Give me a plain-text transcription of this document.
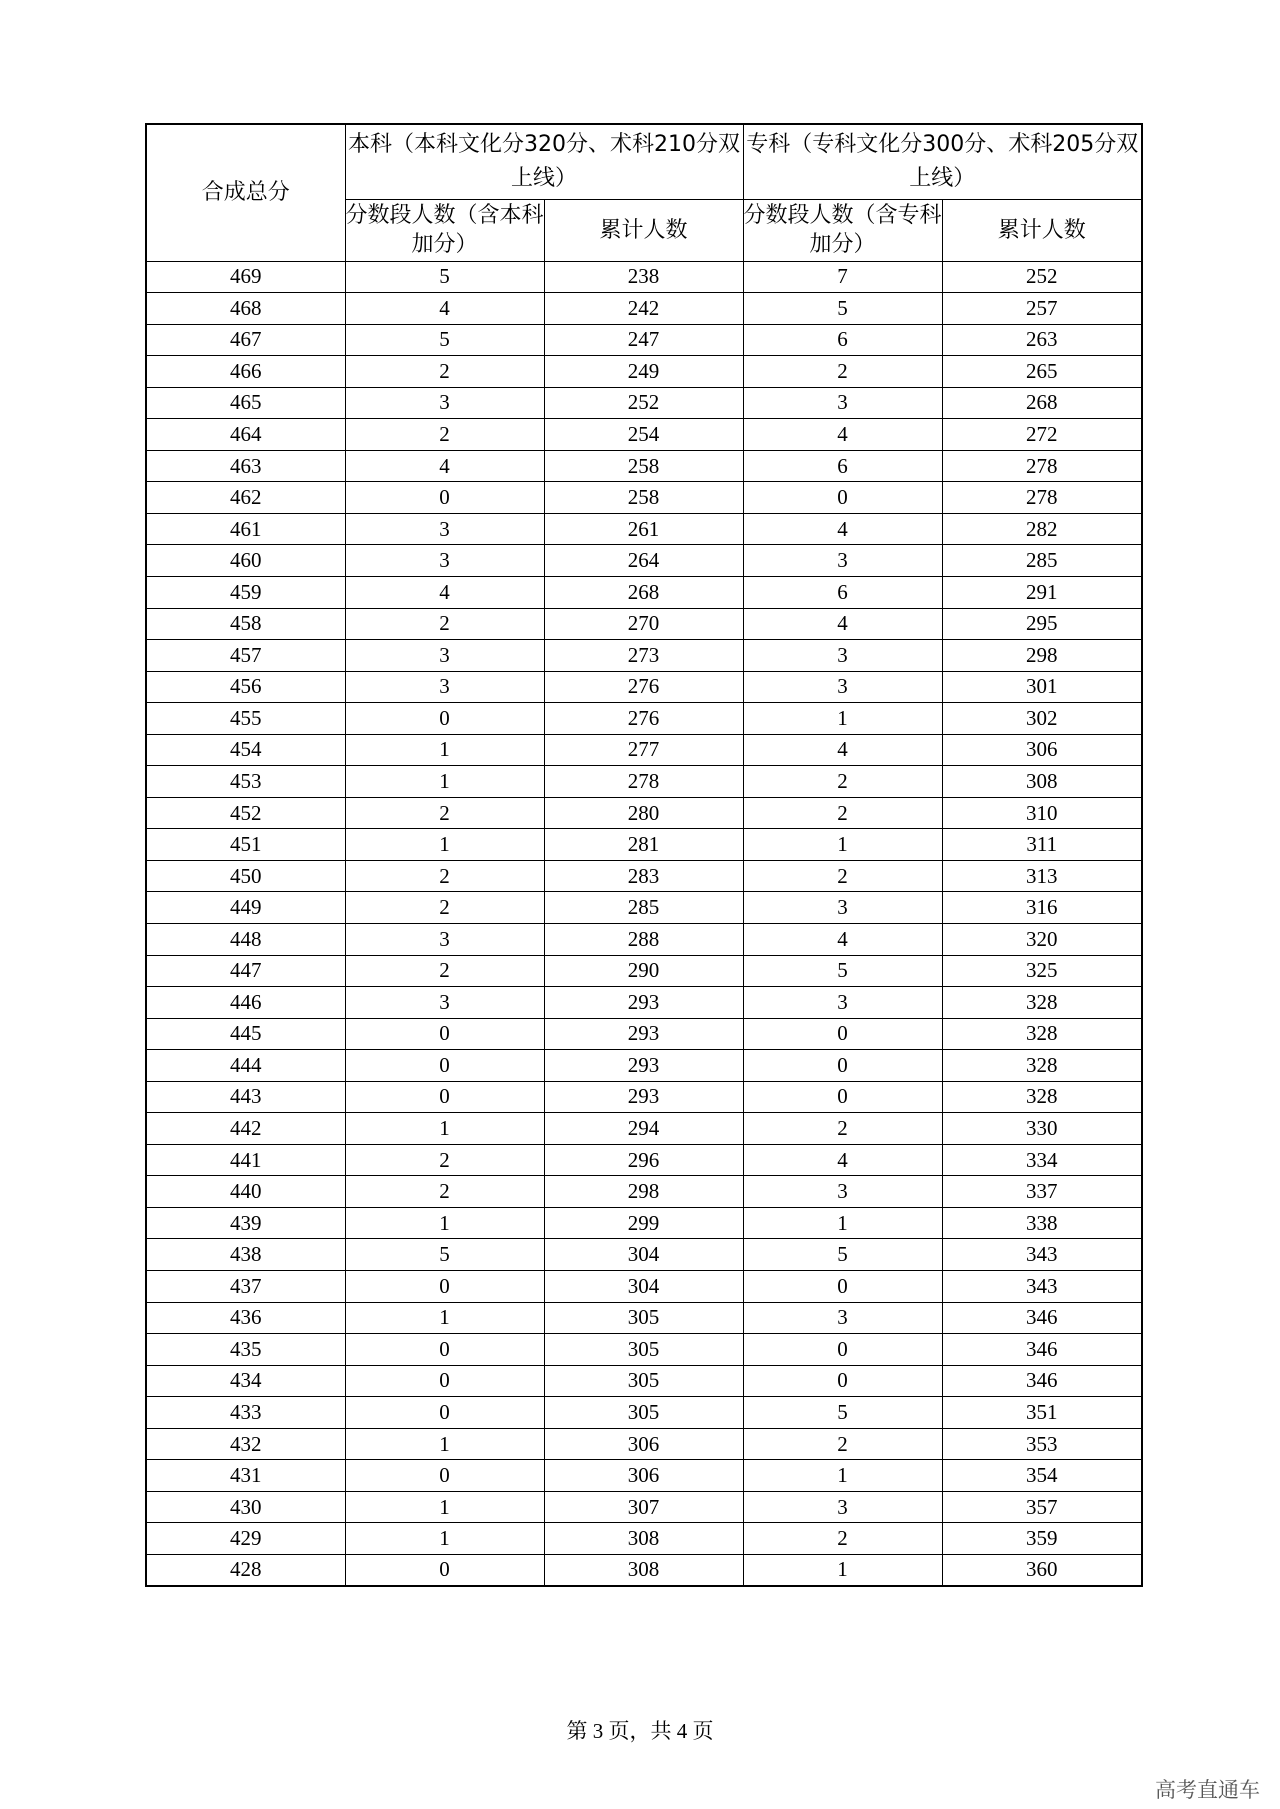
合成总分	本科（本科文化分320分、术科210分双上线）		专科（专科文化分300分、术科205分双上线）	
	分数段人数（含本科加分）	累计人数	分数段人数（含专科加分）	累计人数
469	5	238	7	252
468	4	242	5	257
467	5	247	6	263
466	2	249	2	265
465	3	252	3	268
464	2	254	4	272
463	4	258	6	278
462	0	258	0	278
461	3	261	4	282
460	3	264	3	285
459	4	268	6	291
458	2	270	4	295
457	3	273	3	298
456	3	276	3	301
455	0	276	1	302
454	1	277	4	306
453	1	278	2	308
452	2	280	2	310
451	1	281	1	311
450	2	283	2	313
449	2	285	3	316
448	3	288	4	320
447	2	290	5	325
446	3	293	3	328
445	0	293	0	328
444	0	293	0	328
443	0	293	0	328
442	1	294	2	330
441	2	296	4	334
440	2	298	3	337
439	1	299	1	338
438	5	304	5	343
437	0	304	0	343
436	1	305	3	346
435	0	305	0	346
434	0	305	0	346
433	0	305	5	351
432	1	306	2	353
431	0	306	1	354
430	1	307	3	357
429	1	308	2	359
428	0	308	1	360
第 3 页，共 4 页
高考直通车
